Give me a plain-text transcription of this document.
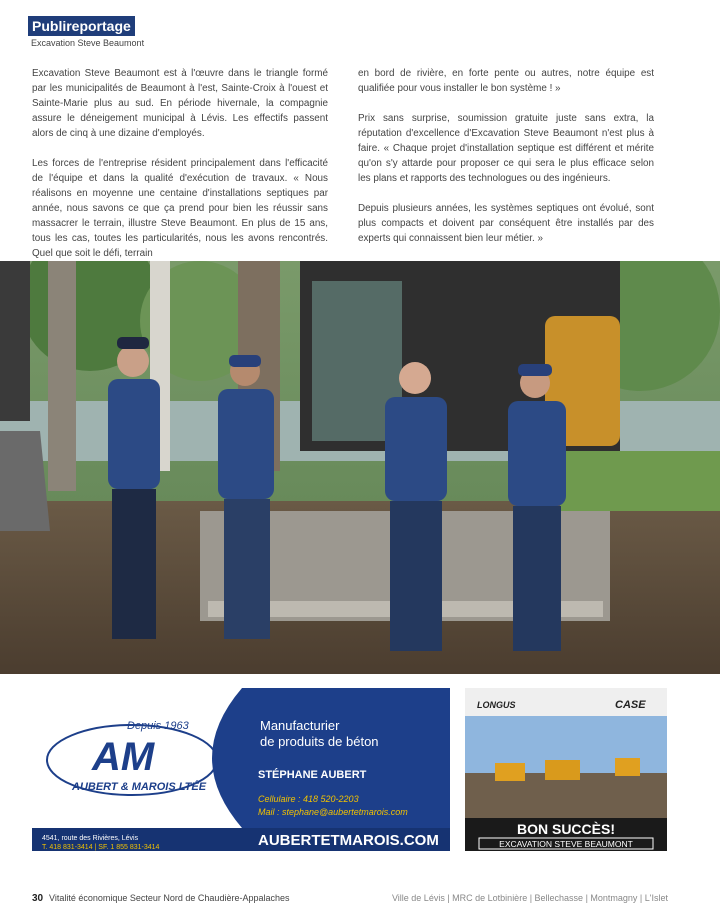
Publireportage
Excavation Steve Beaumont

Excavation Steve Beaumont est à l'œuvre dans le triangle formé par les municipalités de Beaumont à l'est, Sainte-Croix à l'ouest et Sainte-Marie plus au sud. En période hivernale, la compagnie assure le déneigement municipal à Lévis. Les effectifs passent alors de cinq à une dizaine d'employés.

Les forces de l'entreprise résident principalement dans l'efficacité de l'équipe et dans la qualité d'exécution de travaux. « Nous réalisons en moyenne une centaine d'installations septiques par année, nous savons ce que ça prend pour bien les réussir sans massacrer le terrain, illustre Steve Beaumont. En plus de 15 ans, tous les cas, toutes les particularités, nous les avons rencontrés. Quel que soit le défi, terrain

en bord de rivière, en forte pente ou autres, notre équipe est qualifiée pour vous installer le bon système ! »

Prix sans surprise, soumission gratuite juste sans extra, la réputation d'excellence d'Excavation Steve Beaumont n'est plus à faire. « Chaque projet d'installation septique est différent et mérite qu'on s'y attarde pour proposer ce qui sera le plus efficace selon les plans et rapports des technologues ou des ingénieurs.

Depuis plusieurs années, les systèmes septiques ont évolué, sont plus compacts et doivent par conséquent être installés par des experts qui connaissent bien leur métier. »

Depuis 1963
AM
AUBERT & MAROIS LTÉE
Manufacturier
de produits de béton
STÉPHANE AUBERT
Cellulaire : 418 520-2203
Mail : stephane@aubertetmarois.com
4541, route des Rivières, Lévis
T. 418 831-3414 | SF. 1 855 831-3414	AUBERTETMAROIS.COM
LONGUS	CASE
BON SUCCÈS!
EXCAVATION STEVE BEAUMONT
30 Vitalité économique Secteur Nord de Chaudière-Appalaches	Ville de Lévis | MRC de Lotbinière | Bellechasse | Montmagny | L'Islet
